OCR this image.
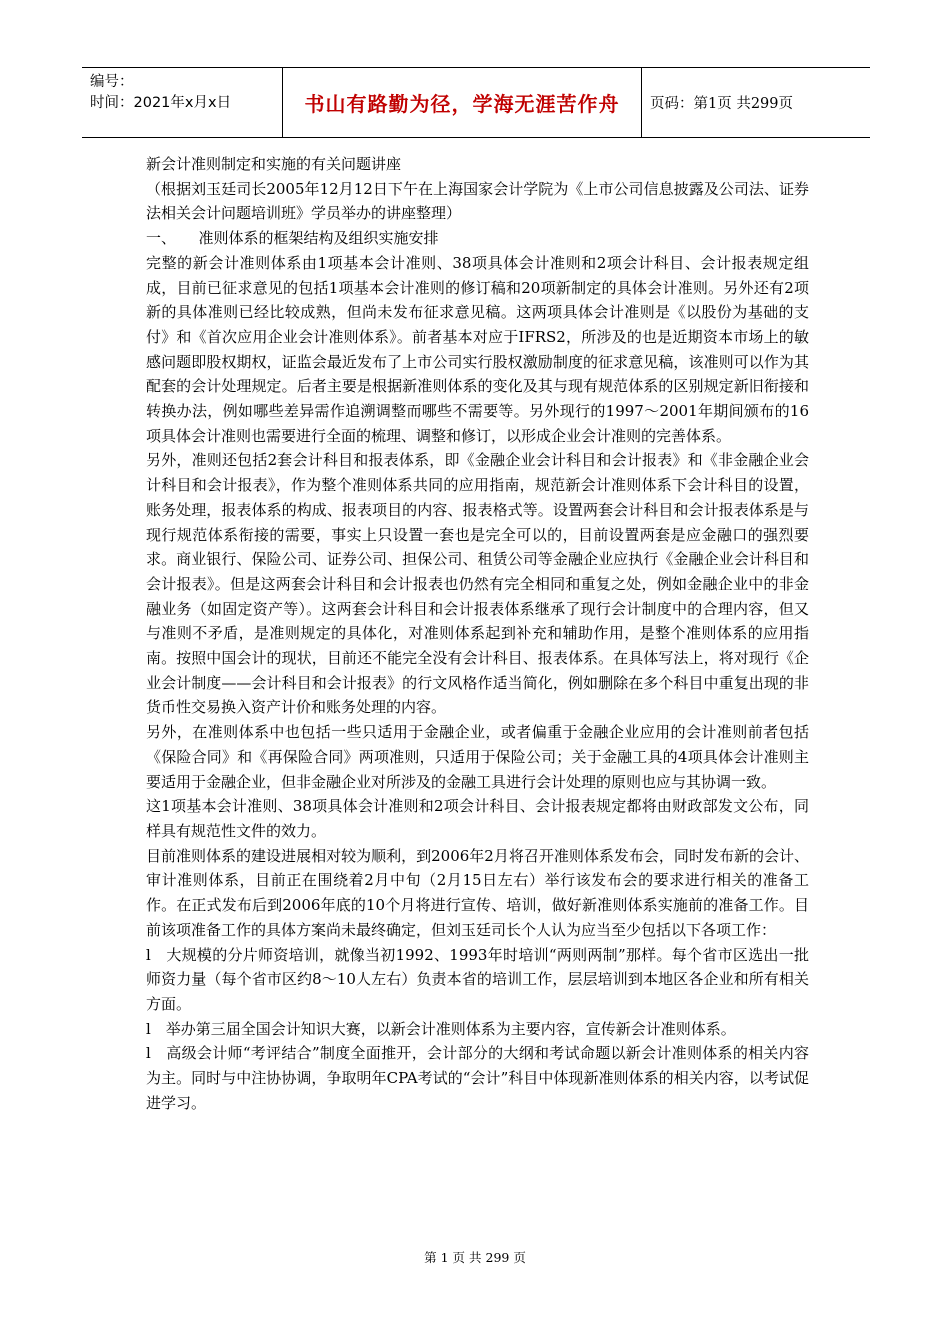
编号：
时间：2021年x月x日	书山有路勤为径，学海无涯苦作舟	页码：第1页 共299页

新会计准则制定和实施的有关问题讲座

（根据刘玉廷司长2005年12月12日下午在上海国家会计学院为《上市公司信息披露及公司法、证券法相关会计问题培训班》学员举办的讲座整理）

一、　　准则体系的框架结构及组织实施安排

完整的新会计准则体系由1项基本会计准则、38项具体会计准则和2项会计科目、会计报表规定组成，目前已征求意见的包括1项基本会计准则的修订稿和20项新制定的具体会计准则。另外还有2项新的具体准则已经比较成熟，但尚未发布征求意见稿。这两项具体会计准则是《以股份为基础的支付》和《首次应用企业会计准则体系》。前者基本对应于IFRS2，所涉及的也是近期资本市场上的敏感问题即股权期权，证监会最近发布了上市公司实行股权激励制度的征求意见稿，该准则可以作为其配套的会计处理规定。后者主要是根据新准则体系的变化及其与现有规范体系的区别规定新旧衔接和转换办法，例如哪些差异需作追溯调整而哪些不需要等。另外现行的1997～2001年期间颁布的16项具体会计准则也需要进行全面的梳理、调整和修订，以形成企业会计准则的完善体系。

另外，准则还包括2套会计科目和报表体系，即《金融企业会计科目和会计报表》和《非金融企业会计科目和会计报表》，作为整个准则体系共同的应用指南，规范新会计准则体系下会计科目的设置，账务处理，报表体系的构成、报表项目的内容、报表格式等。设置两套会计科目和会计报表体系是与现行规范体系衔接的需要，事实上只设置一套也是完全可以的，目前设置两套是应金融口的强烈要求。商业银行、保险公司、证券公司、担保公司、租赁公司等金融企业应执行《金融企业会计科目和会计报表》。但是这两套会计科目和会计报表也仍然有完全相同和重复之处，例如金融企业中的非金融业务（如固定资产等）。这两套会计科目和会计报表体系继承了现行会计制度中的合理内容，但又与准则不矛盾，是准则规定的具体化，对准则体系起到补充和辅助作用，是整个准则体系的应用指南。按照中国会计的现状，目前还不能完全没有会计科目、报表体系。在具体写法上，将对现行《企业会计制度——会计科目和会计报表》的行文风格作适当简化，例如删除在多个科目中重复出现的非货币性交易换入资产计价和账务处理的内容。

另外，在准则体系中也包括一些只适用于金融企业，或者偏重于金融企业应用的会计准则前者包括《保险合同》和《再保险合同》两项准则，只适用于保险公司；关于金融工具的4项具体会计准则主要适用于金融企业，但非金融企业对所涉及的金融工具进行会计处理的原则也应与其协调一致。

这1项基本会计准则、38项具体会计准则和2项会计科目、会计报表规定都将由财政部发文公布，同样具有规范性文件的效力。

目前准则体系的建设进展相对较为顺利，到2006年2月将召开准则体系发布会，同时发布新的会计、审计准则体系，目前正在围绕着2月中旬（2月15日左右）举行该发布会的要求进行相关的准备工作。在正式发布后到2006年底的10个月将进行宣传、培训，做好新准则体系实施前的准备工作。目前该项准备工作的具体方案尚未最终确定，但刘玉廷司长个人认为应当至少包括以下各项工作：

l　大规模的分片师资培训，就像当初1992、1993年时培训“两则两制”那样。每个省市区选出一批师资力量（每个省市区约8～10人左右）负责本省的培训工作，层层培训到本地区各企业和所有相关方面。

l　举办第三届全国会计知识大赛，以新会计准则体系为主要内容，宣传新会计准则体系。

l　高级会计师“考评结合”制度全面推开，会计部分的大纲和考试命题以新会计准则体系的相关内容为主。同时与中注协协调，争取明年CPA考试的“会计”科目中体现新准则体系的相关内容，以考试促进学习。

第 1 页 共 299 页
